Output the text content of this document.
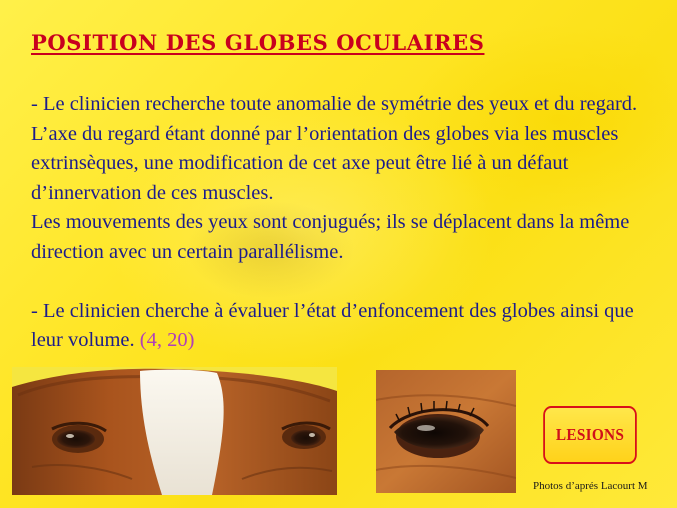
POSITION DES GLOBES OCULAIRES

- Le clinicien recherche toute anomalie de symétrie des yeux et du regard. L’axe du regard étant donné par l’orientation des globes via les muscles extrinsèques, une modification de cet axe peut être lié à un défaut d’innervation de ces muscles.

Les mouvements des yeux sont conjugués; ils se déplacent dans la même direction avec un certain parallélisme.

- Le clinicien cherche à évaluer l’état d’enfoncement des globes ainsi que leur volume. (4, 20)

LESIONS
Photos d’aprés Lacourt M
